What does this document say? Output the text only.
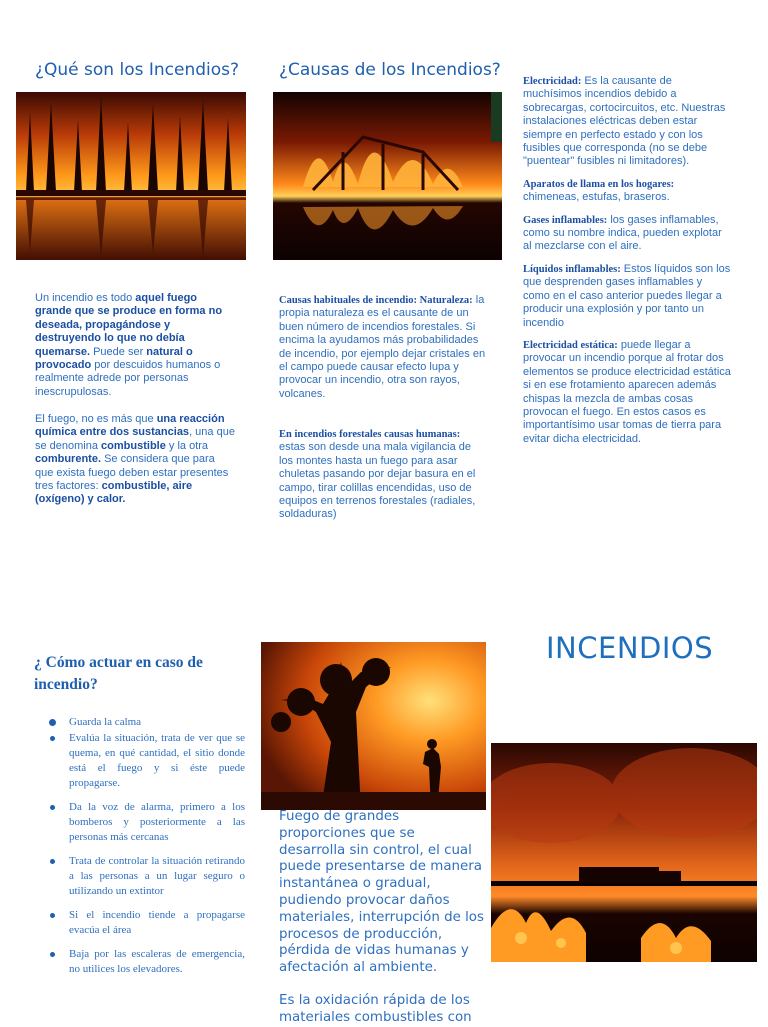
¿Qué son los Incendios?
Un incendio es todo aquel fuego grande que se produce en forma no deseada, propagándose y destruyendo lo que no debía quemarse. Puede ser natural o provocado por descuidos humanos o realmente adrede por personas inescrupulosas.
El fuego, no es más que una reacción química entre dos sustancias, una que se denomina combustible y la otra comburente. Se considera que para que exista fuego deben estar presentes tres factores: combustible, aire (oxígeno) y calor.
¿Causas de los Incendios?
Causas habituales de incendio: Naturaleza: la propia naturaleza es el causante de un buen número de incendios forestales. Si encima la ayudamos más probabilidades de incendio, por ejemplo dejar cristales en el campo puede causar efecto lupa y provocar un incendio, otra son rayos, volcanes.
En incendios forestales causas humanas: estas son desde una mala vigilancia de los montes hasta un fuego para asar chuletas pasando por dejar basura en el campo, tirar colillas encendidas, uso de equipos en terrenos forestales (radiales, soldaduras)
Electricidad: Es la causante de muchísimos incendios debido a sobrecargas, cortocircuitos, etc. Nuestras instalaciones eléctricas deben estar siempre en perfecto estado y con los fusibles que corresponda (no se debe "puentear" fusibles ni limitadores).
Aparatos de llama en los hogares: chimeneas, estufas, braseros.
Gases inflamables: los gases inflamables, como su nombre indica, pueden explotar al mezclarse con el aire.
Líquidos inflamables: Estos líquidos son los que desprenden gases inflamables y como en el caso anterior puedes llegar a producir una explosión y por tanto un incendio
Electricidad estática: puede llegar a provocar un incendio porque al frotar dos elementos se produce electricidad estática si en ese frotamiento aparecen además chispas la mezcla de ambas cosas provocan el fuego. En estos casos es importantísimo usar tomas de tierra para evitar dicha electricidad.
¿ Cómo actuar en caso de incendio?
Guarda la calma
Evalúa la situación, trata de ver que se quema, en qué cantidad, el sitio donde está el fuego y si éste puede propagarse.
Da la voz de alarma, primero a los bomberos y posteriormente a las personas más cercanas
Trata de controlar la situación retirando a las personas a un lugar seguro o utilizando un extintor
Si el incendio tiende a propagarse evacúa el área
Baja por las escaleras de emergencia, no utilices los elevadores.
Fuego de grandes proporciones que se desarrolla sin control, el cual puede presentarse de manera instantánea o gradual, pudiendo provocar daños materiales, interrupción de los procesos de producción, pérdida de vidas humanas y afectación al ambiente.
Es la oxidación rápida de los materiales combustibles con
INCENDIOS
